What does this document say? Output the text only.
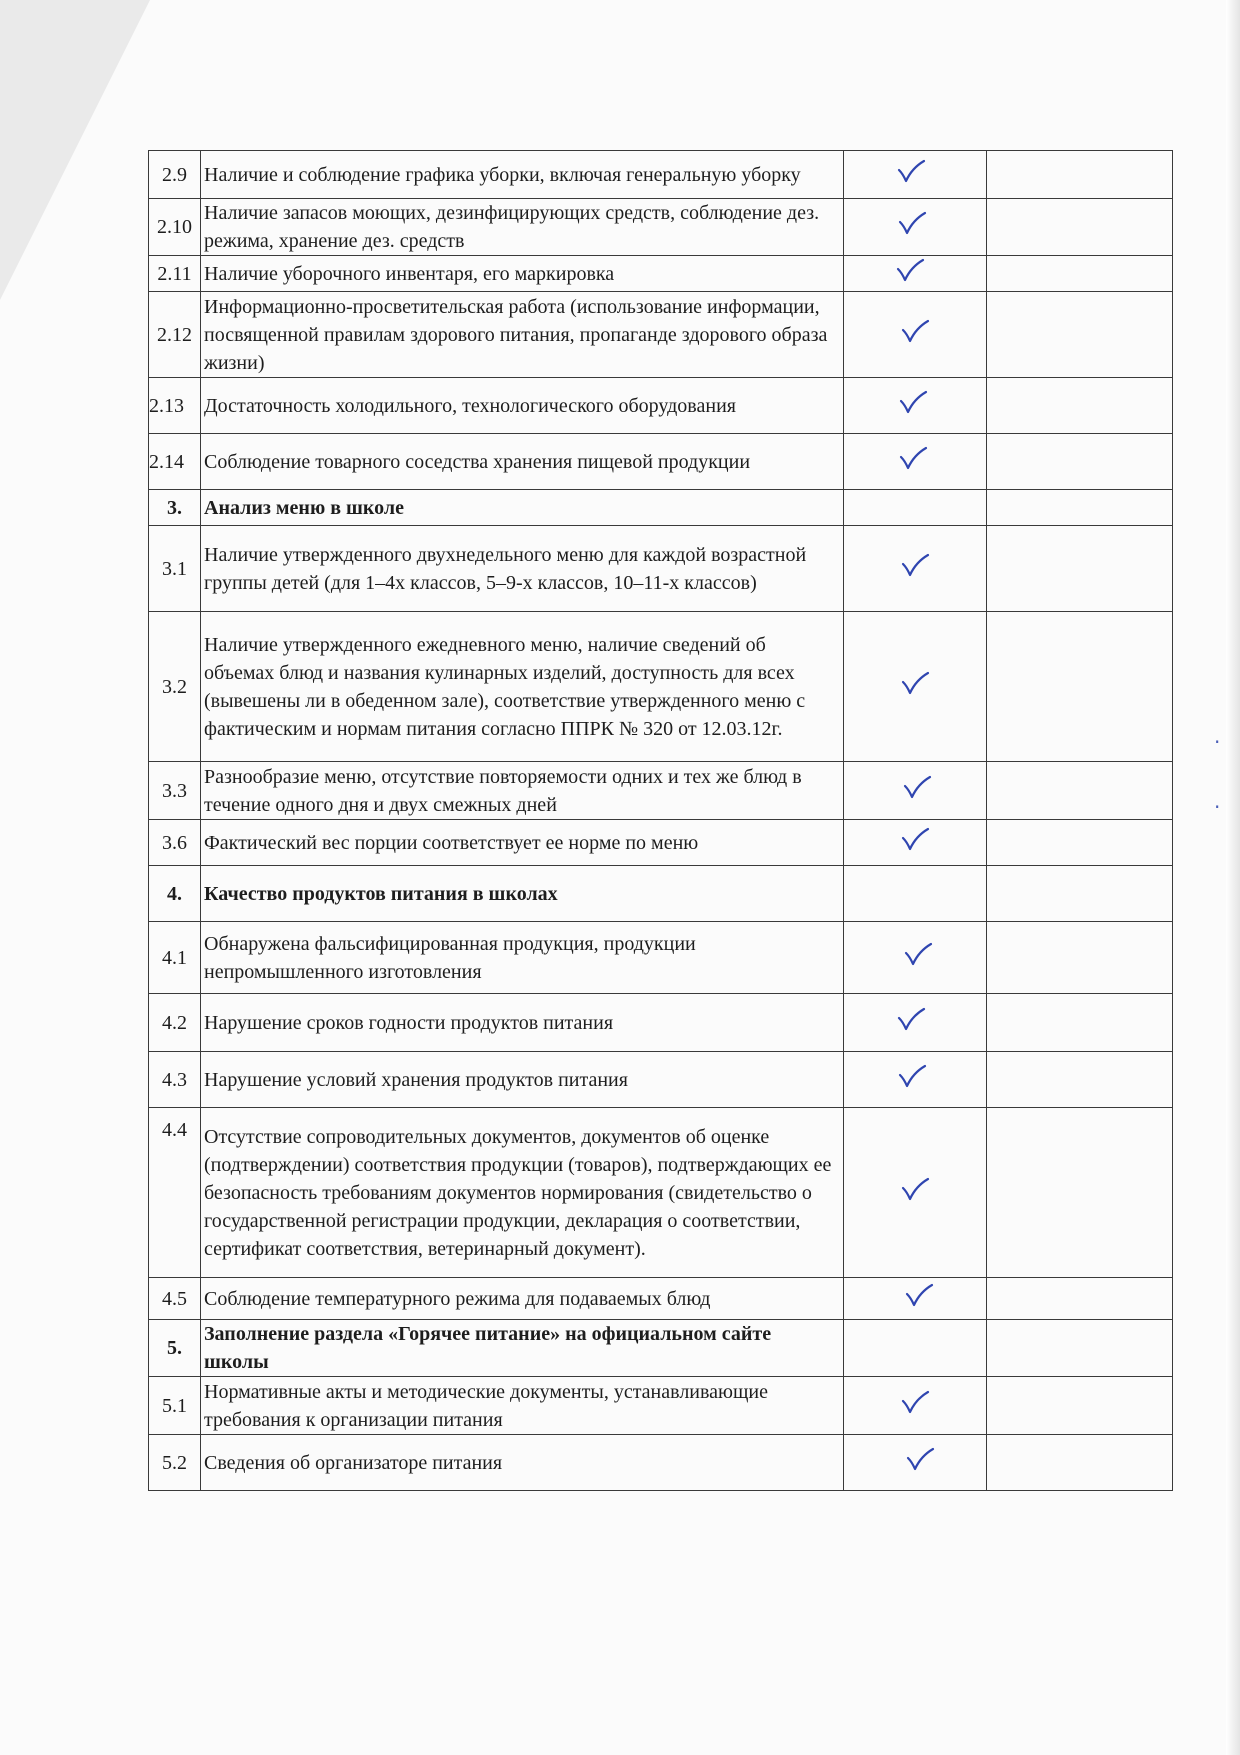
2.9	Наличие и соблюдение графика уборки, включая генеральную уборку	

2.10	Наличие запасов моющих, дезинфицирующих средств, соблюдение дез. режима, хранение дез. средств	

2.11	Наличие уборочного инвентаря, его маркировка	

2.12	Информационно-просветительская работа (использование информации, посвященной правилам здорового питания, пропаганде здорового образа жизни)	

2.13	Достаточность холодильного, технологического оборудования	

2.14	Соблюдение товарного соседства хранения пищевой продукции	

3.	Анализ меню в школе		
3.1	Наличие утвержденного двухнедельного меню для каждой возрастной группы детей (для 1–4х классов, 5–9-х классов, 10–11-х классов)	

3.2	Наличие утвержденного ежедневного меню, наличие сведений об объемах блюд и названия кулинарных изделий, доступность для всех (вывешены ли в обеденном зале), соответствие утвержденного меню с фактическим и нормам питания согласно ППРК № 320 от 12.03.12г.	

3.3	Разнообразие меню, отсутствие повторяемости одних и тех же блюд в течение одного дня и двух смежных дней	

3.6	Фактический вес порции соответствует ее норме по меню	

4.	Качество продуктов питания в школах		
4.1	Обнаружена фальсифицированная продукция, продукции непромышленного изготовления	

4.2	Нарушение сроков годности продуктов питания	

4.3	Нарушение условий хранения продуктов питания	

4.4	Отсутствие сопроводительных документов, документов об оценке (подтверждении) соответствия продукции (товаров), подтверждающих ее безопасность требованиям документов нормирования (свидетельство о государственной регистрации продукции, декларация о соответствии, сертификат соответствия, ветеринарный документ).	

4.5	Соблюдение температурного режима для подаваемых блюд	

5.	Заполнение раздела «Горячее питание» на официальном сайте школы		
5.1	Нормативные акты и методические документы, устанавливающие требования к организации питания	

5.2	Сведения об организаторе питания	

·
·
